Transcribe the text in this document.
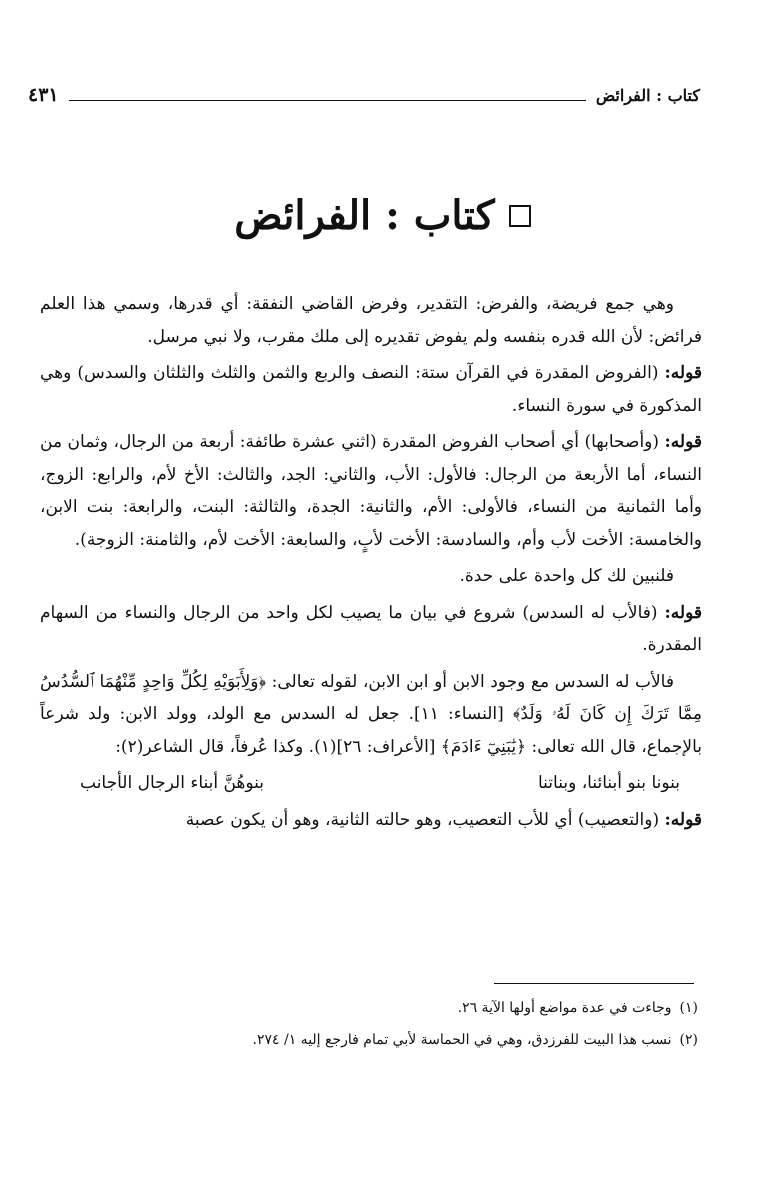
كتاب : الفرائض
٤٣١
كتاب : الفرائض

وهي جمع فريضة، والفرض: التقدير، وفرض القاضي النفقة: أي قدرها، وسمي هذا العلم فرائض: لأن الله قدره بنفسه ولم يفوض تقديره إلى ملك مقرب، ولا نبي مرسل.

قوله: (الفروض المقدرة في القرآن ستة: النصف والربع والثمن والثلث والثلثان والسدس) وهي المذكورة في سورة النساء.

قوله: (وأصحابها) أي أصحاب الفروض المقدرة (اثني عشرة طائفة: أربعة من الرجال، وثمان من النساء، أما الأربعة من الرجال: فالأول: الأب، والثاني: الجد، والثالث: الأخ لأم، والرابع: الزوج، وأما الثمانية من النساء، فالأولى: الأم، والثانية: الجدة، والثالثة: البنت، والرابعة: بنت الابن، والخامسة: الأخت لأب وأم، والسادسة: الأخت لأبٍ، والسابعة: الأخت لأم، والثامنة: الزوجة).

فلنبين لك كل واحدة على حدة.

قوله: (فالأب له السدس) شروع في بيان ما يصيب لكل واحد من الرجال والنساء من السهام المقدرة.

فالأب له السدس مع وجود الابن أو ابن الابن، لقوله تعالى: ﴿وَلِأَبَوَيْهِ لِكُلِّ وَاحِدٍ مِّنْهُمَا ٱلسُّدُسُ مِمَّا تَرَكَ إِن كَانَ لَهُۥ وَلَدٌ﴾ [النساء: ١١]. جعل له السدس مع الولد، وولد الابن: ولد شرعاً بالإجماع، قال الله تعالى: ﴿يَٰبَنِيٓ ءَادَمَ﴾ [الأعراف: ٢٦](١). وكذا عُرفاً، قال الشاعر(٢):

بنونا بنو أبنائنا، وبناتنا
بنوهُنَّ أبناء الرجال الأجانب

قوله: (والتعصيب) أي للأب التعصيب، وهو حالته الثانية، وهو أن يكون عصبة

(١)
وجاءت في عدة مواضع أولها الآية ٢٦.
(٢)
نسب هذا البيت للفرزدق، وهي في الحماسة لأبي تمام فارجع إليه ١/ ٢٧٤.
